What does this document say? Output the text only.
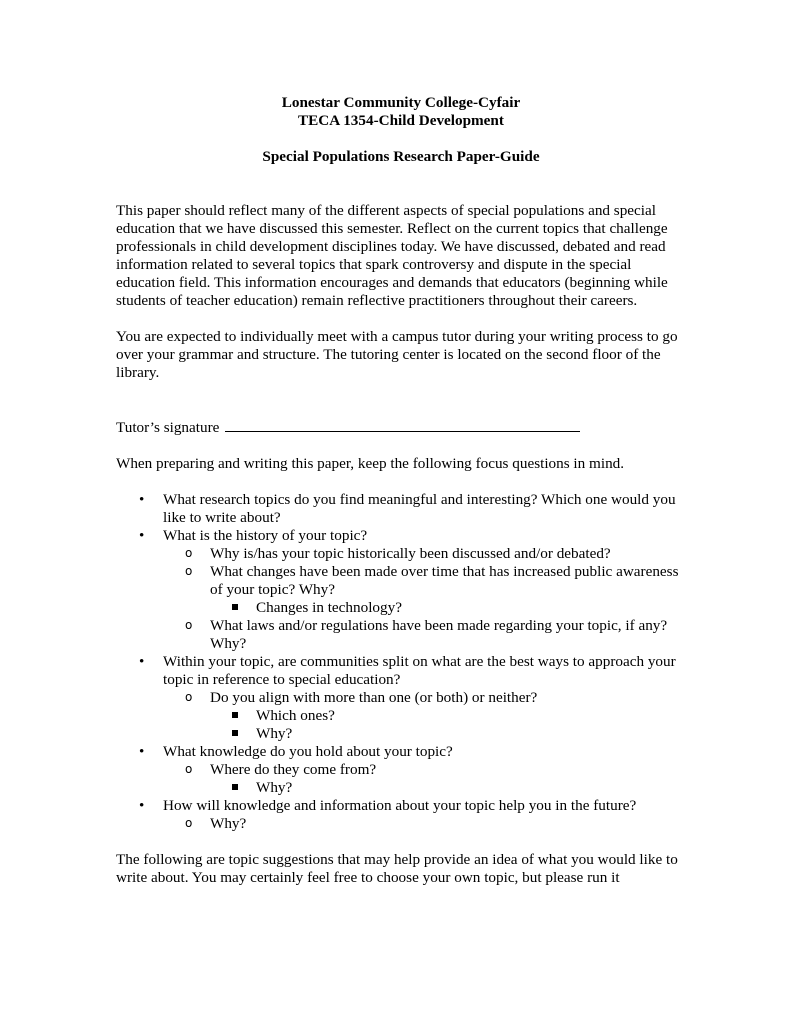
Lonestar Community College-Cyfair
TECA 1354-Child Development
Special Populations Research Paper-Guide

This paper should reflect many of the different aspects of special populations and special education that we have discussed this semester. Reflect on the current topics that challenge professionals in child development disciplines today. We have discussed, debated and read information related to several topics that spark controversy and dispute in the special education field. This information encourages and demands that educators (beginning while students of teacher education) remain reflective practitioners throughout their careers.

You are expected to individually meet with a campus tutor during your writing process to go over your grammar and structure. The tutoring center is located on the second floor of the library.

Tutor’s signature

When preparing and writing this paper, keep the following focus questions in mind.

• What research topics do you find meaningful and interesting? Which one would you like to write about?
• What is the history of your topic?
o Why is/has your topic historically been discussed and/or debated?
o What changes have been made over time that has increased public awareness of your topic? Why?
Changes in technology?
o What laws and/or regulations have been made regarding your topic, if any? Why?
• Within your topic, are communities split on what are the best ways to approach your topic in reference to special education?
o Do you align with more than one (or both) or neither?
Which ones?
Why?
• What knowledge do you hold about your topic?
o Where do they come from?
Why?
• How will knowledge and information about your topic help you in the future?
o Why?

The following are topic suggestions that may help provide an idea of what you would like to write about. You may certainly feel free to choose your own topic, but please run it
